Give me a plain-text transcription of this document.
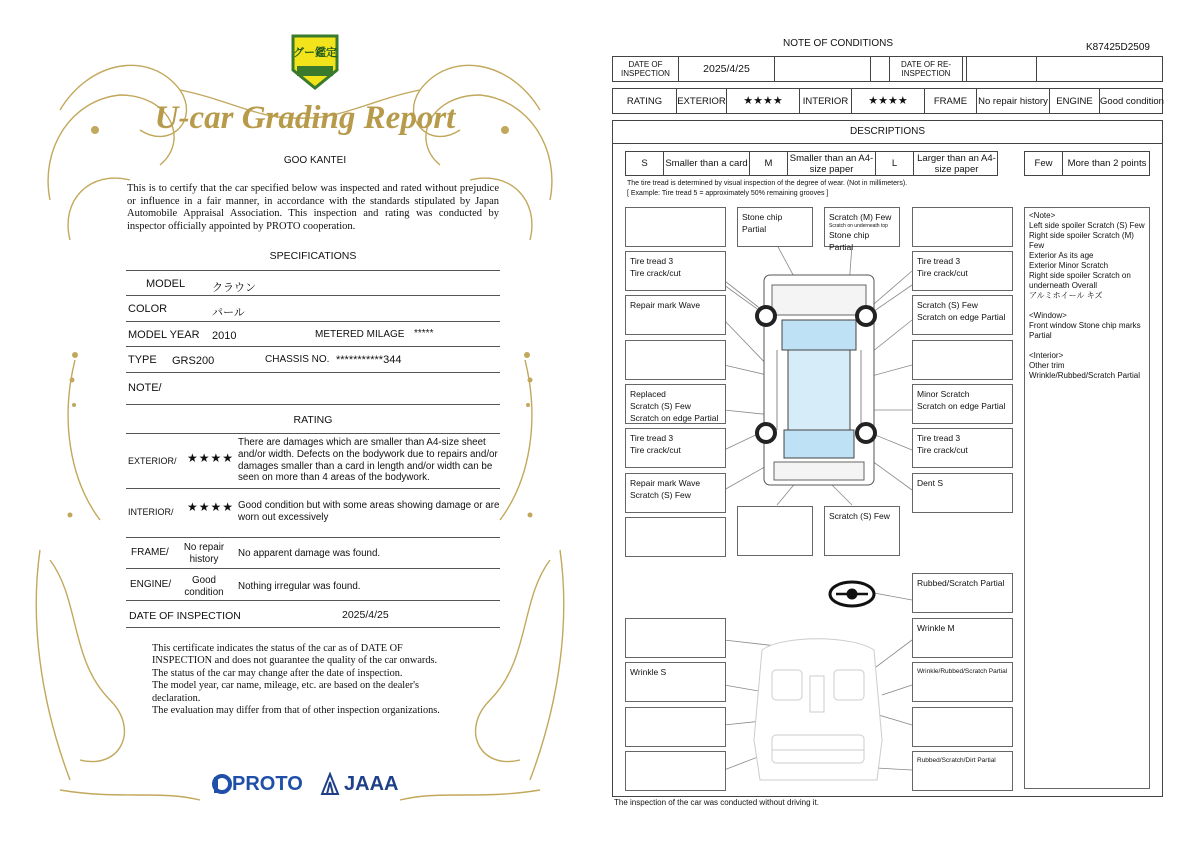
グー鑑定
U-car Grading Report
GOO KANTEI
This is to certify that the car specified below was inspected and rated without prejudice or influence in a fair manner, in accordance with the standards stipulated by Japan Automobile Appraisal Association. This inspection and rating was conducted by inspector officially appointed by PROTO cooperation.
SPECIFICATIONS
MODEL クラウン
COLOR	パール
MODEL YEAR 2010	METERED MILAGE *****
TYPE GRS200	CHASSIS NO. ***********344
NOTE/
RATING
EXTERIOR/ ★★★★
There are damages which are smaller than A4-size sheet and/or width. Defects on the bodywork due to repairs and/or damages smaller than a card in length and/or width can be seen on more than 4 areas of the bodywork.
INTERIOR/ ★★★★ Good condition but with some areas showing damage or are worn out excessively
FRAME/	No repair history
No apparent damage was found.
ENGINE/	Good condition
Nothing irregular was found.
DATE OF INSPECTION	2025/4/25
This certificate indicates the status of the car as of DATE OF
INSPECTION and does not guarantee the quality of the car onwards.
The status of the car may change after the date of inspection.
The model year, car name, mileage, etc. are based on the dealer's
declaration.
The evaluation may differ from that of other inspection organizations.
PROTO JAAA
NOTE OF CONDITIONS	K87425D2509
DATE OF INSPECTION	2025/4/25	DATE OF RE-INSPECTION
RATING	EXTERIOR	★★★★	INTERIOR	★★★★	FRAME	No repair history ENGINE Good condition
DESCRIPTIONS
S	Smaller than a card	M	Smaller than an A4-size paper	L	Larger than an A4-size paper	Few	More than 2 points
The tire tread is determined by visual inspection of the degree of wear. (Not in millimeters).
[ Example: Tire tread 5 = approximately 50% remaining grooves ]
Tire tread 3
Tire crack/cut
Repair mark Wave
Replaced
Scratch (S) Few
Scratch on edge Partial
Tire tread 3
Tire crack/cut
Repair mark Wave
Scratch (S) Few
Stone chip Partial
Scratch (M) Few
Scratch on underneath top
Stone chip Partial
Scratch (S) Few
Tire tread 3
Tire crack/cut
Scratch (S) Few
Scratch on edge Partial
Minor Scratch
Scratch on edge Partial
Tire tread 3
Tire crack/cut
Dent S
Rubbed/Scratch Partial
Wrinkle M
Wrinkle/Rubbed/Scratch Partial
Rubbed/Scratch/Dirt Partial
Wrinkle S
<Note>
Left side spoiler Scratch (S) Few
Right side spoiler Scratch (M) Few
Exterior As its age
Exterior Minor Scratch
Right side spoiler Scratch on underneath Overall
アルミホイール キズ
<Window>
Front window Stone chip marks Partial
<Interior>
Other trim
Wrinkle/Rubbed/Scratch Partial
The inspection of the car was conducted without driving it.
